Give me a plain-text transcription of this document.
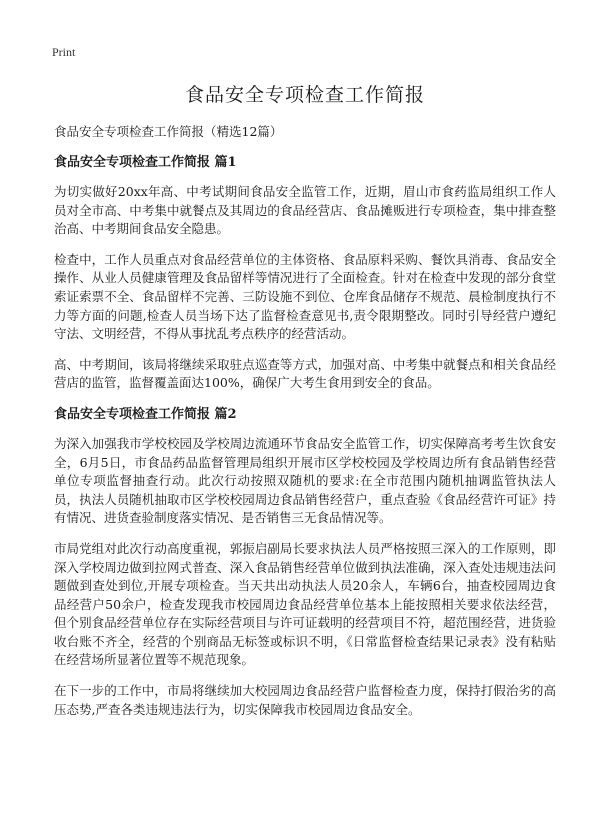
Print
食品安全专项检查工作简报

食品安全专项检查工作简报（精选12篇）

食品安全专项检查工作简报 篇1

为切实做好20xx年高、中考试期间食品安全监管工作，近期，眉山市食药监局组织工作人员对全市高、中考集中就餐点及其周边的食品经营店、食品摊贩进行专项检查，集中排查整治高、中考期间食品安全隐患。

检查中，工作人员重点对食品经营单位的主体资格、食品原料采购、餐饮具消毒、食品安全操作、从业人员健康管理及食品留样等情况进行了全面检查。针对在检查中发现的部分食堂索证索票不全、食品留样不完善、三防设施不到位、仓库食品储存不规范、晨检制度执行不力等方面的问题,检查人员当场下达了监督检查意见书,责令限期整改。同时引导经营户遵纪守法、文明经营，不得从事扰乱考点秩序的经营活动。

高、中考期间，该局将继续采取驻点巡查等方式，加强对高、中考集中就餐点和相关食品经营店的监管，监督覆盖面达100%，确保广大考生食用到安全的食品。

食品安全专项检查工作简报 篇2

为深入加强我市学校校园及学校周边流通环节食品安全监管工作，切实保障高考考生饮食安全，6月5日，市食品药品监督管理局组织开展市区学校校园及学校周边所有食品销售经营单位专项监督抽查行动。此次行动按照双随机的要求:在全市范围内随机抽调监管执法人员，执法人员随机抽取市区学校校园周边食品销售经营户，重点查验《食品经营许可证》持有情况、进货查验制度落实情况、是否销售三无食品情况等。

市局党组对此次行动高度重视，郭振启副局长要求执法人员严格按照三深入的工作原则，即深入学校周边做到拉网式普查、深入食品销售经营单位做到执法准确，深入查处违规违法问题做到查处到位,开展专项检查。当天共出动执法人员20余人，车辆6台，抽查校园周边食品经营户50余户，检查发现我市校园周边食品经营单位基本上能按照相关要求依法经营，但个别食品经营单位存在实际经营项目与许可证载明的经营项目不符，超范围经营，进货验收台账不齐全，经营的个别商品无标签或标识不明，《日常监督检查结果记录表》没有粘贴在经营场所显著位置等不规范现象。

在下一步的工作中，市局将继续加大校园周边食品经营户监督检查力度，保持打假治劣的高压态势,严查各类违规违法行为，切实保障我市校园周边食品安全。
